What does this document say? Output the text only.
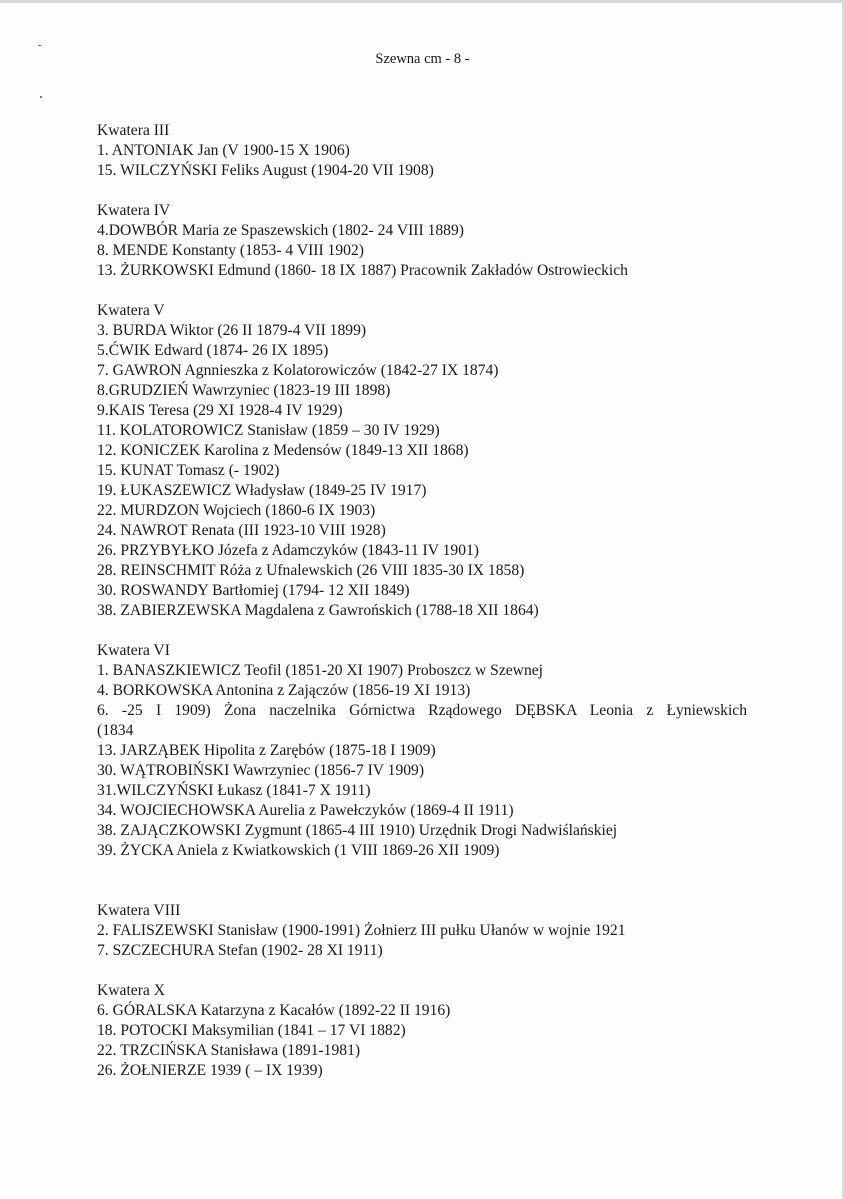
Szewna cm - 8 -

Kwatera III

1. ANTONIAK Jan (V 1900-15 X 1906)

15. WILCZYŃSKI Feliks August (1904-20 VII 1908)

Kwatera IV

4.DOWBÓR Maria ze Spaszewskich (1802- 24 VIII 1889)

8. MENDE Konstanty (1853- 4 VIII 1902)

13. ŻURKOWSKI Edmund (1860- 18 IX 1887) Pracownik Zakładów Ostrowieckich

Kwatera V

3. BURDA Wiktor (26 II 1879-4 VII 1899)

5.ĆWIK Edward (1874- 26 IX 1895)

7. GAWRON Agnnieszka z Kolatorowiczów (1842-27 IX 1874)

8.GRUDZIEŃ Wawrzyniec (1823-19 III 1898)

9.KAIS Teresa (29 XI 1928-4 IV 1929)

11. KOLATOROWICZ Stanisław (1859 – 30 IV 1929)

12. KONICZEK Karolina z Medensów (1849-13 XII 1868)

15. KUNAT Tomasz (- 1902)

19. ŁUKASZEWICZ Władysław (1849-25 IV 1917)

22. MURDZON Wojciech (1860-6 IX 1903)

24. NAWROT Renata (III 1923-10 VIII 1928)

26. PRZYBYŁKO Józefa z Adamczyków (1843-11 IV 1901)

28. REINSCHMIT Róża z Ufnalewskich (26 VIII 1835-30 IX 1858)

30. ROSWANDY Bartłomiej (1794- 12 XII 1849)

38. ZABIERZEWSKA Magdalena z Gawrońskich (1788-18 XII 1864)

Kwatera VI

1. BANASZKIEWICZ Teofil (1851-20 XI 1907) Proboszcz w Szewnej

4. BORKOWSKA Antonina z Zajączów (1856-19 XI 1913)

6. -25 I 1909) Żona naczelnika Górnictwa Rządowego DĘBSKA Leonia z Łyniewskich

(1834

13. JARZĄBEK Hipolita z Zarębów (1875-18 I 1909)

30. WĄTROBIŃSKI Wawrzyniec (1856-7 IV 1909)

31.WILCZYŃSKI Łukasz (1841-7 X 1911)

34. WOJCIECHOWSKA Aurelia z Pawełczyków (1869-4 II 1911)

38. ZAJĄCZKOWSKI Zygmunt (1865-4 III 1910) Urzędnik Drogi Nadwiślańskiej

39. ŻYCKA Aniela z Kwiatkowskich (1 VIII 1869-26 XII 1909)

Kwatera VIII

2. FALISZEWSKI Stanisław (1900-1991) Żołnierz III pułku Ułanów w wojnie 1921

7. SZCZECHURA Stefan (1902- 28 XI 1911)

Kwatera X

6. GÓRALSKA Katarzyna z Kacałów (1892-22 II 1916)

18. POTOCKI Maksymilian (1841 – 17 VI 1882)

22. TRZCIŃSKA Stanisława (1891-1981)

26. ŻOŁNIERZE 1939 ( – IX 1939)
